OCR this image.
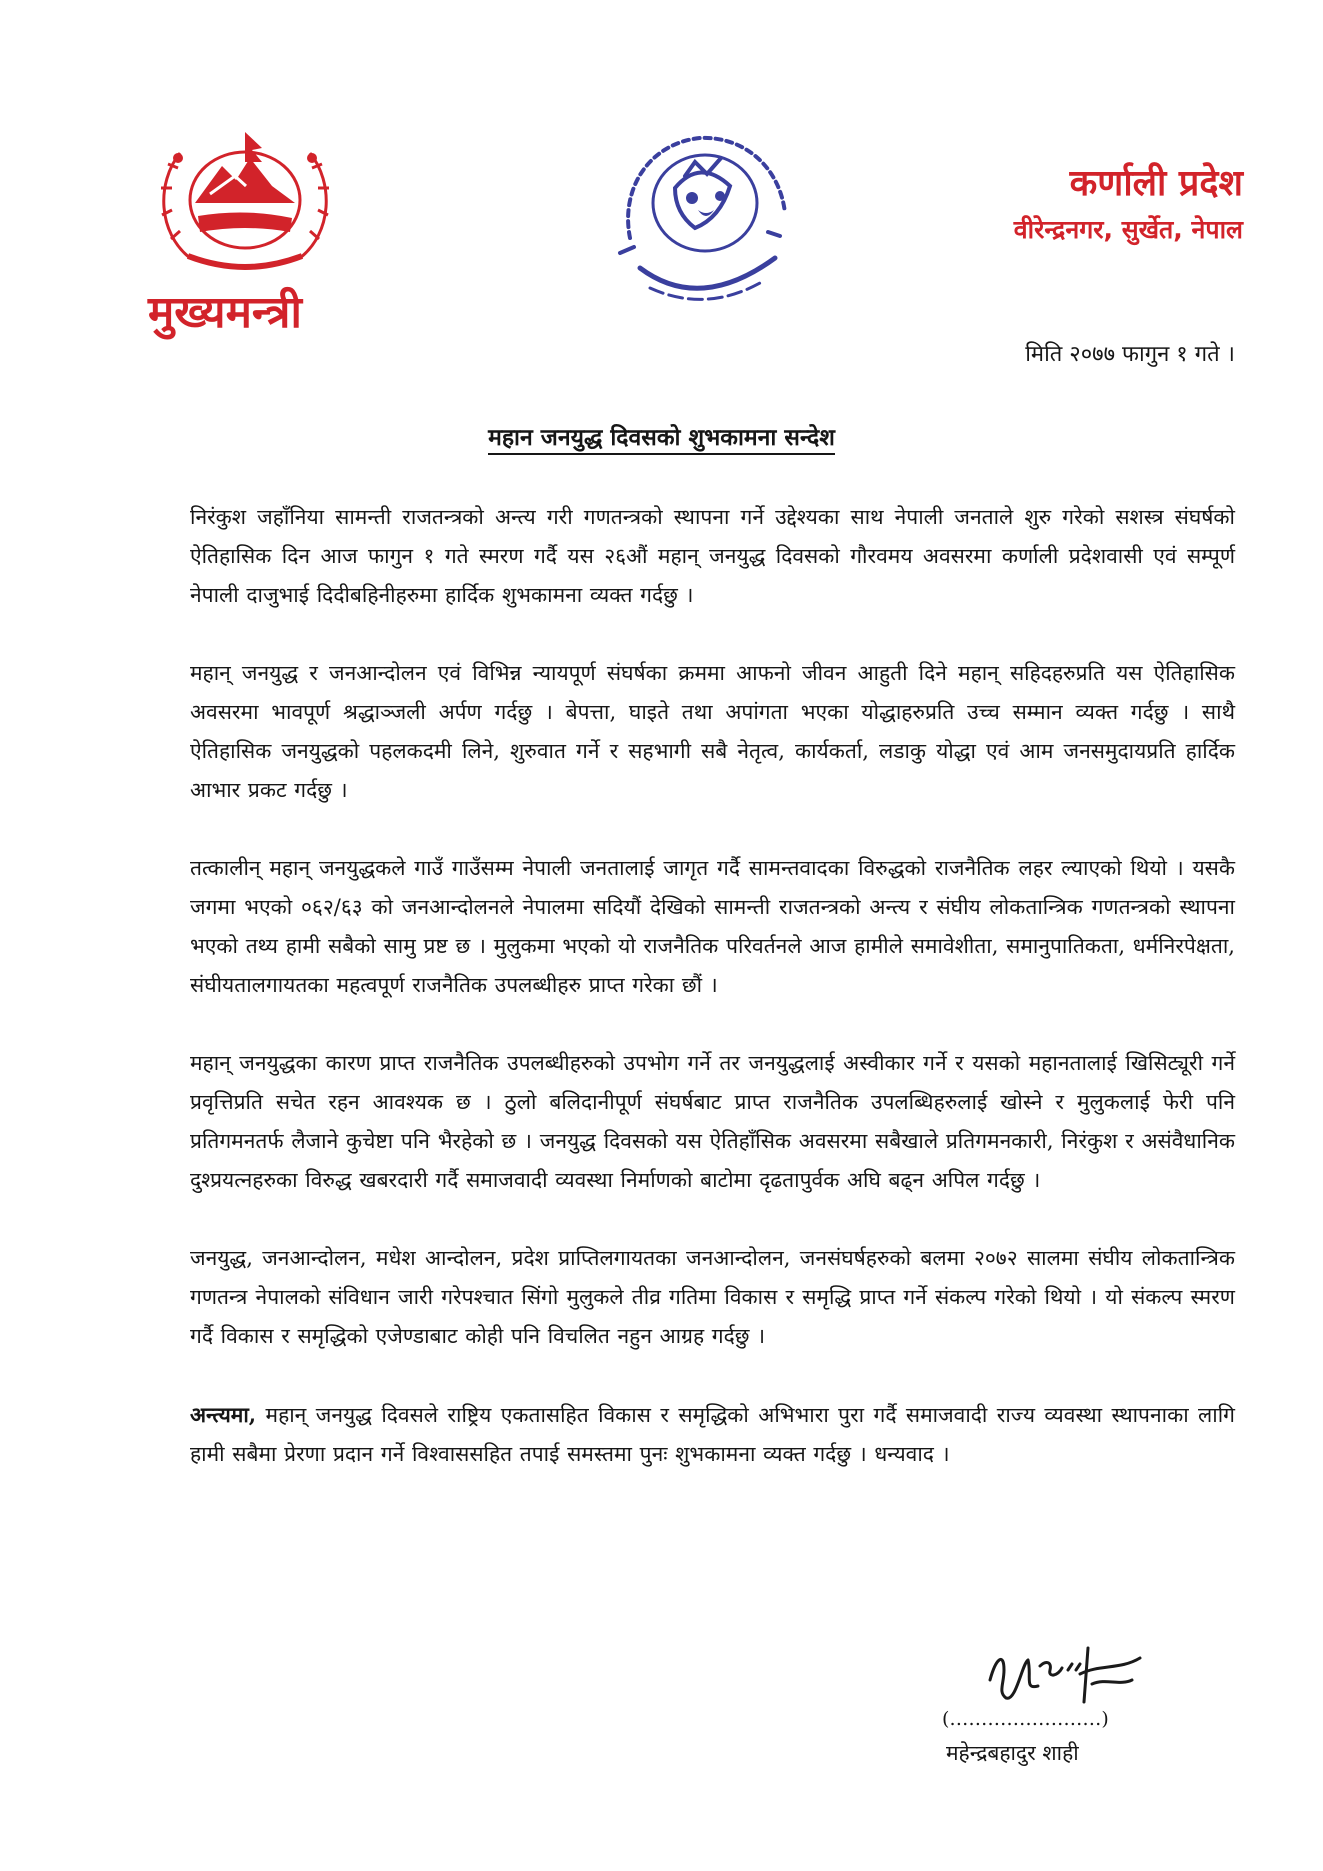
मुख्यमन्त्री

कर्णाली प्रदेश

वीरेन्द्रनगर, सुर्खेत, नेपाल

मिति २०७७ फागुन १ गते ।

महान जनयुद्ध दिवसको शुभकामना सन्देश

निरंकुश जहाँनिया सामन्ती राजतन्त्रको अन्त्य गरी गणतन्त्रको स्थापना गर्ने उद्देश्यका साथ नेपाली जनताले शुरु गरेको सशस्त्र संघर्षको ऐतिहासिक दिन आज फागुन १ गते स्मरण गर्दै यस २६औं महान् जनयुद्ध दिवसको गौरवमय अवसरमा कर्णाली प्रदेशवासी एवं सम्पूर्ण नेपाली दाजुभाई दिदीबहिनीहरुमा हार्दिक शुभकामना व्यक्त गर्दछु ।

महान् जनयुद्ध र जनआन्दोलन एवं विभिन्न न्यायपूर्ण संघर्षका क्रममा आफनो जीवन आहुती दिने महान् सहिदहरुप्रति यस ऐतिहासिक अवसरमा भावपूर्ण श्रद्धाञ्जली अर्पण गर्दछु । बेपत्ता, घाइते तथा अपांगता भएका योद्धाहरुप्रति उच्च सम्मान व्यक्त गर्दछु । साथै ऐतिहासिक जनयुद्धको पहलकदमी लिने, शुरुवात गर्ने र सहभागी सबै नेतृत्व, कार्यकर्ता, लडाकु योद्धा एवं आम जनसमुदायप्रति हार्दिक आभार प्रकट गर्दछु ।

तत्कालीन् महान् जनयुद्धकले गाउँ गाउँसम्म नेपाली जनतालाई जागृत गर्दै सामन्तवादका विरुद्धको राजनैतिक लहर ल्याएको थियो । यसकै जगमा भएको ०६२/६३ को जनआन्दोलनले नेपालमा सदियौं देखिको सामन्ती राजतन्त्रको अन्त्य र संघीय लोकतान्त्रिक गणतन्त्रको स्थापना भएको तथ्य हामी सबैको सामु प्रष्ट छ । मुलुकमा भएको यो राजनैतिक परिवर्तनले आज हामीले समावेशीता, समानुपातिकता, धर्मनिरपेक्षता, संघीयतालगायतका महत्वपूर्ण राजनैतिक उपलब्धीहरु प्राप्त गरेका छौं ।

महान् जनयुद्धका कारण प्राप्त राजनैतिक उपलब्धीहरुको उपभोग गर्ने तर जनयुद्धलाई अस्वीकार गर्ने र यसको महानतालाई खिसिट्यूरी गर्ने प्रवृत्तिप्रति सचेत रहन आवश्यक छ । ठुलो बलिदानीपूर्ण संघर्षबाट प्राप्त राजनैतिक उपलब्धिहरुलाई खोस्ने र मुलुकलाई फेरी पनि प्रतिगमनतर्फ लैजाने कुचेष्टा पनि भैरहेको छ । जनयुद्ध दिवसको यस ऐतिहाँसिक अवसरमा सबैखाले प्रतिगमनकारी, निरंकुश र असंवैधानिक दुश्प्रयत्नहरुका विरुद्ध खबरदारी गर्दै समाजवादी व्यवस्था निर्माणको बाटोमा दृढतापुर्वक अघि बढ्न अपिल गर्दछु ।

जनयुद्ध, जनआन्दोलन, मधेश आन्दोलन, प्रदेश प्राप्तिलगायतका जनआन्दोलन, जनसंघर्षहरुको बलमा २०७२ सालमा संघीय लोकतान्त्रिक गणतन्त्र नेपालको संविधान जारी गरेपश्चात सिंगो मुलुकले तीव्र गतिमा विकास र समृद्धि प्राप्त गर्ने संकल्प गरेको थियो । यो संकल्प स्मरण गर्दै विकास र समृद्धिको एजेण्डाबाट कोही पनि विचलित नहुन आग्रह गर्दछु ।

अन्त्यमा, महान् जनयुद्ध दिवसले राष्ट्रिय एकतासहित विकास र समृद्धिको अभिभारा पुरा गर्दै समाजवादी राज्य व्यवस्था स्थापनाका लागि हामी सबैमा प्रेरणा प्रदान गर्ने विश्वाससहित तपाई समस्तमा पुनः शुभकामना व्यक्त गर्दछु । धन्यवाद ।

(……………………)

महेन्द्रबहादुर शाही
